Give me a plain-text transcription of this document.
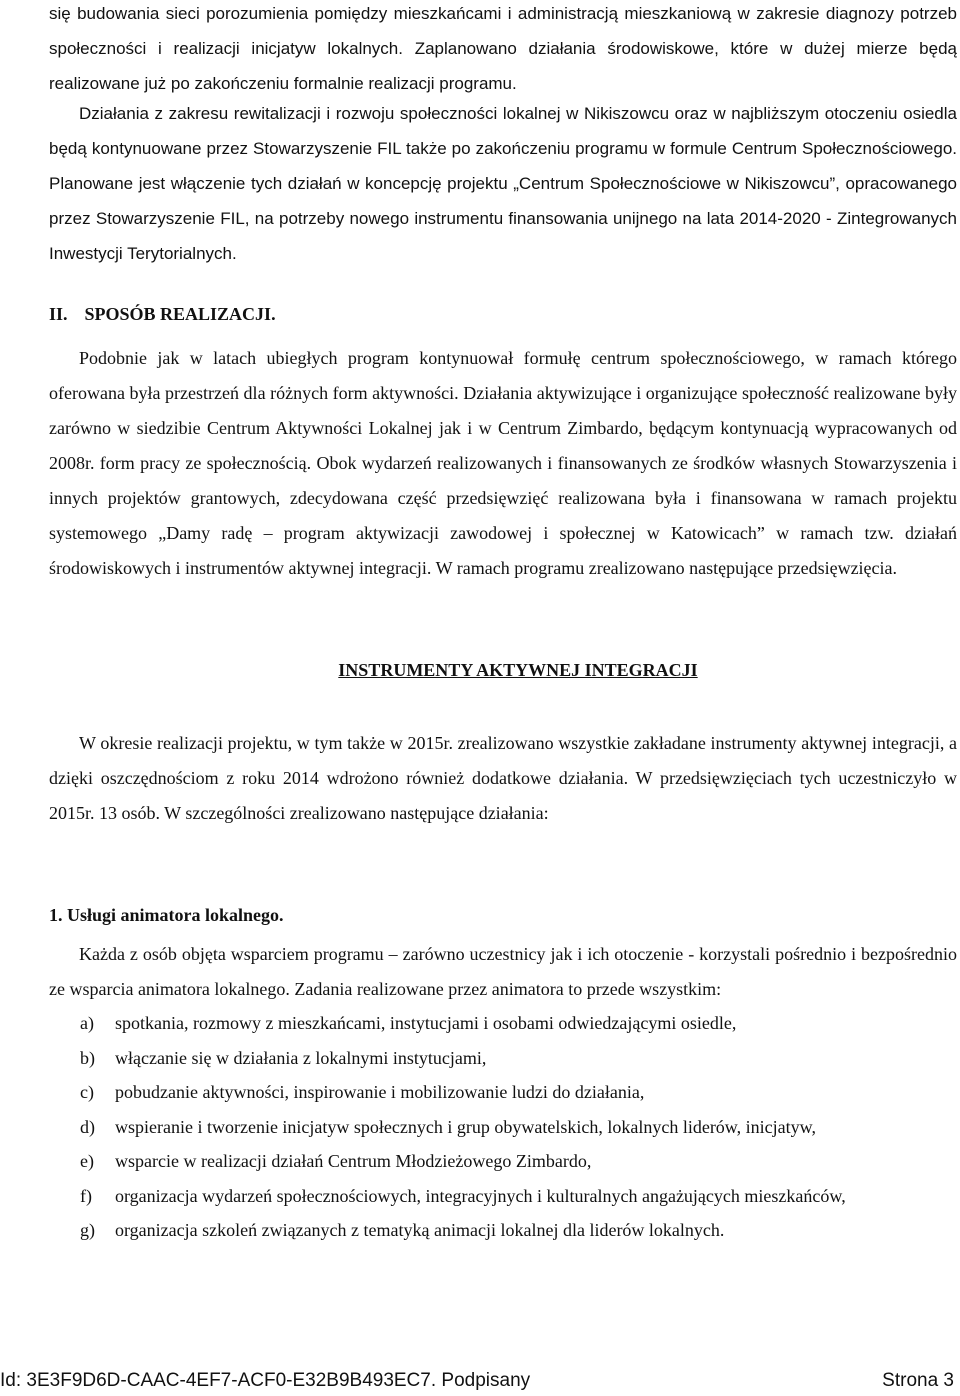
się budowania sieci porozumienia pomiędzy mieszkańcami i administracją mieszkaniową w zakresie diagnozy potrzeb społeczności i realizacji inicjatyw lokalnych. Zaplanowano działania środowiskowe, które w dużej mierze będą realizowane już po zakończeniu formalnie realizacji programu.

Działania z zakresu rewitalizacji i rozwoju społeczności lokalnej w Nikiszowcu oraz w najbliższym otoczeniu osiedla będą kontynuowane przez Stowarzyszenie FIL także po zakończeniu programu w formule Centrum Społecznościowego. Planowane jest włączenie tych działań w koncepcję projektu „Centrum Społecznościowe w Nikiszowcu”, opracowanego przez Stowarzyszenie FIL, na potrzeby nowego instrumentu finansowania unijnego na lata 2014-2020 - Zintegrowanych Inwestycji Terytorialnych.

II. SPOSÓB REALIZACJI.

Podobnie jak w latach ubiegłych program kontynuował formułę centrum społecznościowego, w ramach którego oferowana była przestrzeń dla różnych form aktywności. Działania aktywizujące i organizujące społeczność realizowane były zarówno w siedzibie Centrum Aktywności Lokalnej jak i w Centrum Zimbardo, będącym kontynuacją wypracowanych od 2008r. form pracy ze społecznością. Obok wydarzeń realizowanych i finansowanych ze środków własnych Stowarzyszenia i innych projektów grantowych, zdecydowana część przedsięwzięć realizowana była i finansowana w ramach projektu systemowego „Damy radę – program aktywizacji zawodowej i społecznej w Katowicach” w ramach tzw. działań środowiskowych i instrumentów aktywnej integracji. W ramach programu zrealizowano następujące przedsięwzięcia.

INSTRUMENTY AKTYWNEJ INTEGRACJI

W okresie realizacji projektu, w tym także w 2015r. zrealizowano wszystkie zakładane instrumenty aktywnej integracji, a dzięki oszczędnościom z roku 2014 wdrożono również dodatkowe działania. W przedsięwzięciach tych uczestniczyło w 2015r. 13 osób. W szczególności zrealizowano następujące działania:

1. Usługi animatora lokalnego.

Każda z osób objęta wsparciem programu – zarówno uczestnicy jak i ich otoczenie - korzystali pośrednio i bezpośrednio ze wsparcia animatora lokalnego. Zadania realizowane przez animatora to przede wszystkim:

a) spotkania, rozmowy z mieszkańcami, instytucjami i osobami odwiedzającymi osiedle,
b) włączanie się w działania z lokalnymi instytucjami,
c) pobudzanie aktywności, inspirowanie i mobilizowanie ludzi do działania,
d) wspieranie i tworzenie inicjatyw społecznych i grup obywatelskich, lokalnych liderów, inicjatyw,
e) wsparcie w realizacji działań Centrum Młodzieżowego Zimbardo,
f) organizacja wydarzeń społecznościowych, integracyjnych i kulturalnych angażujących mieszkańców,
g) organizacja szkoleń związanych z tematyką animacji lokalnej dla liderów lokalnych.
Id: 3E3F9D6D-CAAC-4EF7-ACF0-E32B9B493EC7. Podpisany	Strona 3
